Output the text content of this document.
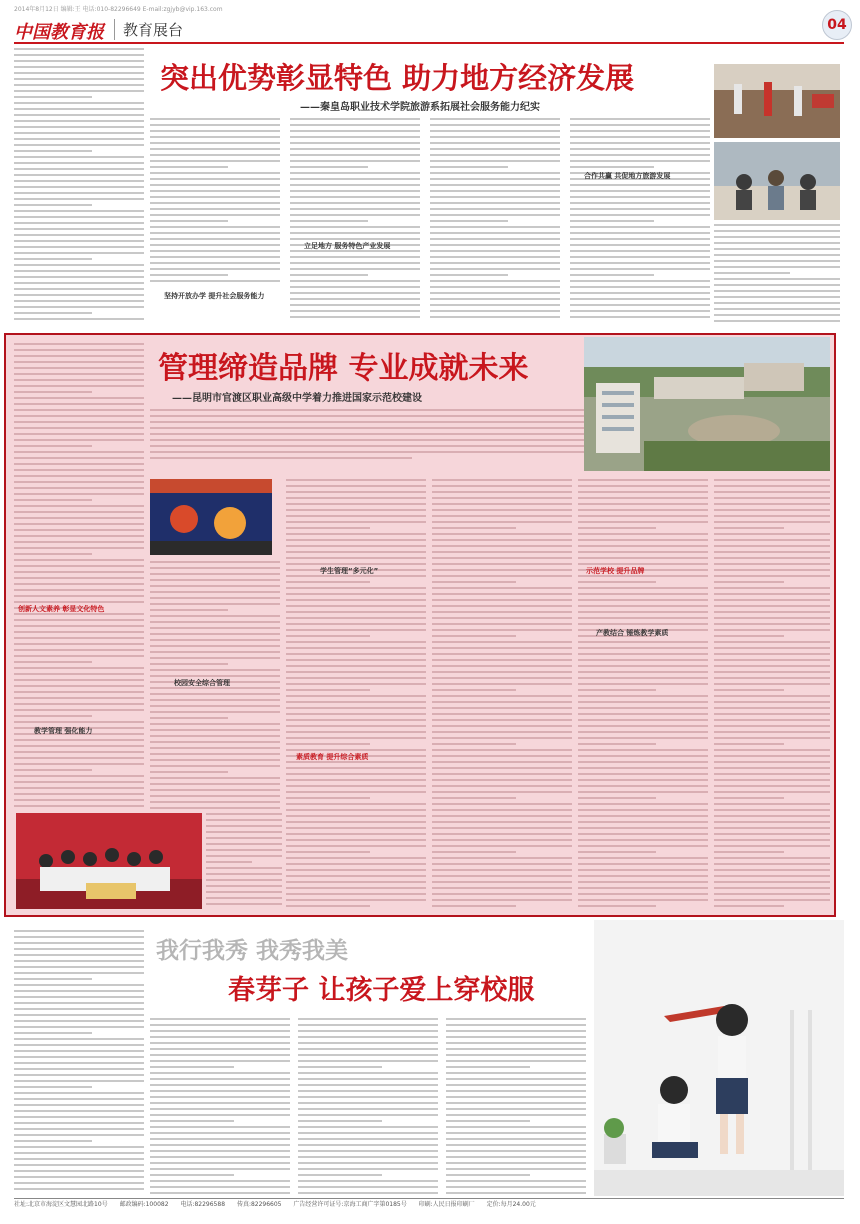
2014年8月12日 编辑:王 电话:010-82296649 E-mail:zgjyb@vip.163.com
中国教育报	教育展台	04
突出优势彰显特色 助力地方经济发展
——秦皇岛职业技术学院旅游系拓展社会服务能力纪实
坚持开放办学 提升社会服务能力
立足地方 服务特色产业发展
合作共赢 共促地方旅游发展
创新人文素养 彰显文化特色
管理缔造品牌 专业成就未来
——昆明市官渡区职业高级中学着力推进国家示范校建设
校园安全综合管理
教学管理 强化能力
学生管理“多元化”
素质教育 提升综合素质
示范学校 提升品牌
产教结合 锤炼教学素质
我行我秀 我秀我美
春芽子 让孩子爱上穿校服
社址:北京市海淀区文慧园北路10号 邮政编码:100082 电话:82296588 传真:82296605 广告经营许可证号:京海工商广字第0185号 印刷:人民日报印刷厂 定价:每月24.00元
